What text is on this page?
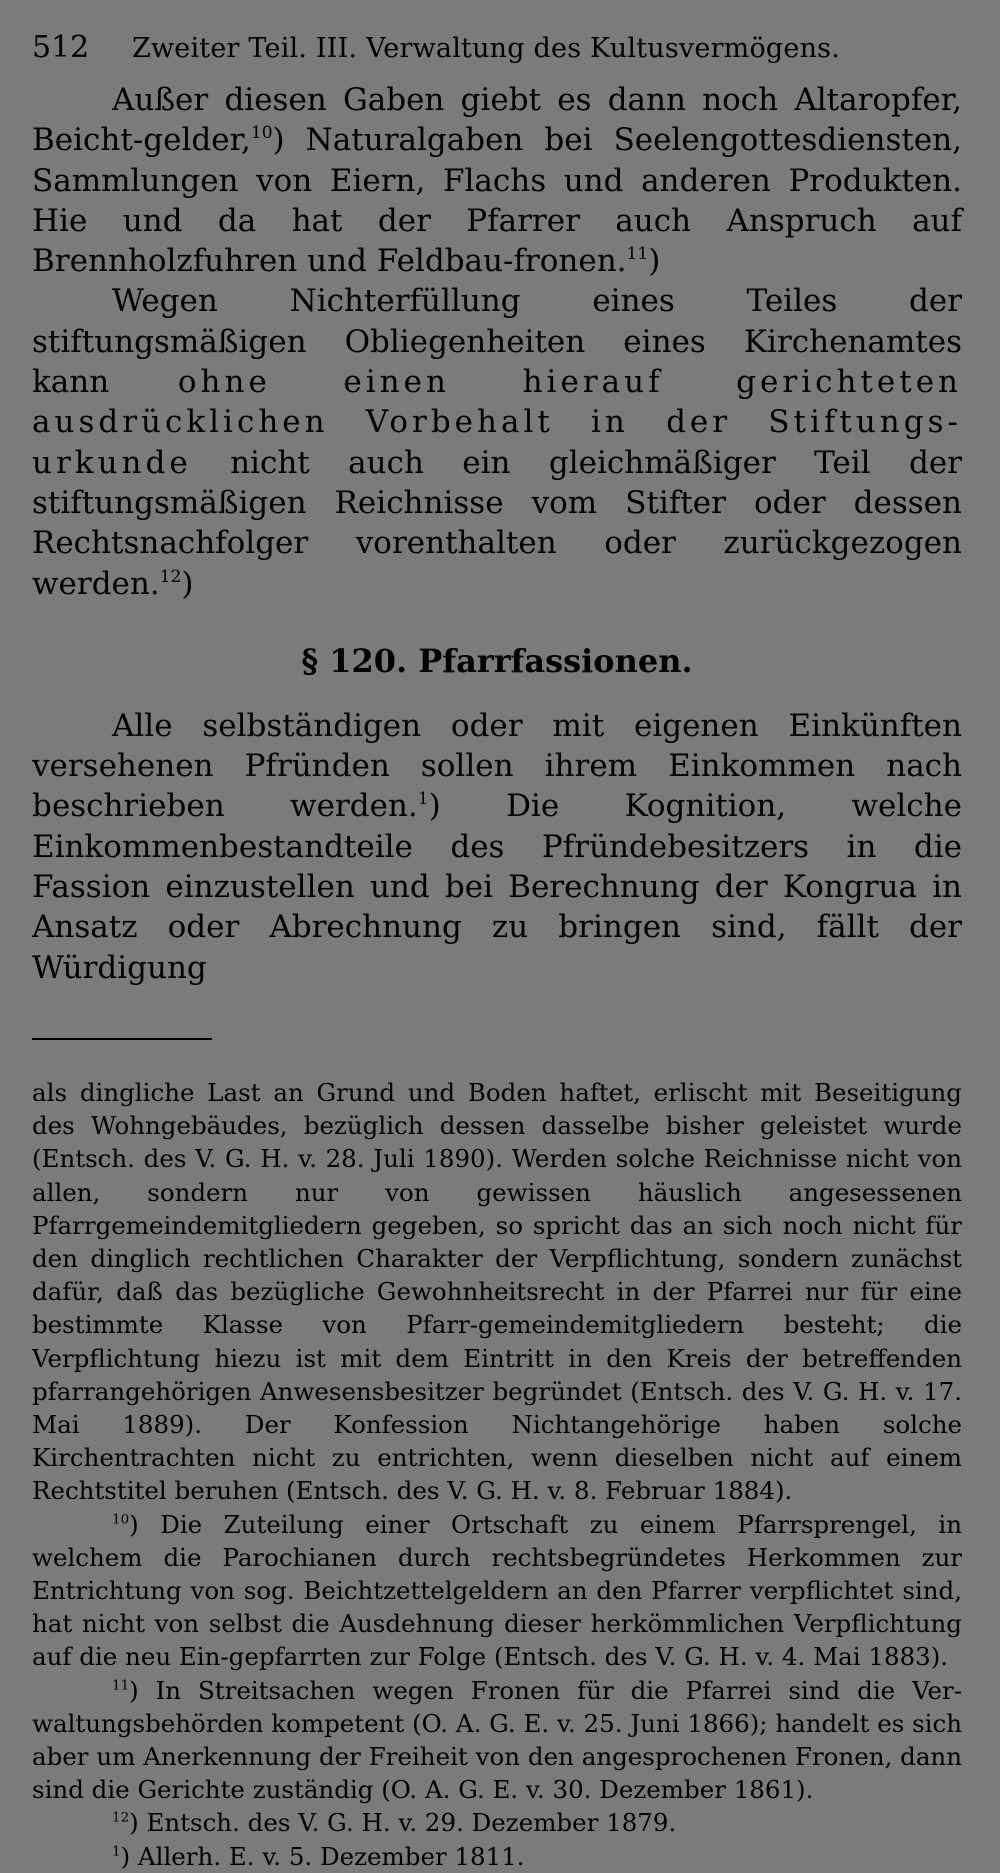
512	Zweiter Teil. III. Verwaltung des Kultusvermögens.

Außer diesen Gaben giebt es dann noch Altaropfer, Beicht-gelder,$^{10}$) Naturalgaben bei Seelengottesdiensten, Sammlungen von Eiern, Flachs und anderen Produkten. Hie und da hat der Pfarrer auch Anspruch auf Brennholzfuhren und Feldbau-fronen.$^{11}$)

Wegen Nichterfüllung eines Teiles der stiftungsmäßigen Obliegenheiten eines Kirchenamtes kann ohne einen hierauf gerichteten ausdrücklichen Vorbehalt in der Stiftungs-urkunde nicht auch ein gleichmäßiger Teil der stiftungsmäßigen Reichnisse vom Stifter oder dessen Rechtsnachfolger vorenthalten oder zurückgezogen werden.$^{12}$)

§ 120. Pfarrfassionen.

Alle selbständigen oder mit eigenen Einkünften versehenen Pfründen sollen ihrem Einkommen nach beschrieben werden.$^1$) Die Kognition, welche Einkommenbestandteile des Pfründebesitzers in die Fassion einzustellen und bei Berechnung der Kongrua in Ansatz oder Abrechnung zu bringen sind, fällt der Würdigung

als dingliche Last an Grund und Boden haftet, erlischt mit Beseitigung des Wohngebäudes, bezüglich dessen dasselbe bisher geleistet wurde (Entsch. des V. G. H. v. 28. Juli 1890). Werden solche Reichnisse nicht von allen, sondern nur von gewissen häuslich angesessenen Pfarrgemeindemitgliedern gegeben, so spricht das an sich noch nicht für den dinglich rechtlichen Charakter der Verpflichtung, sondern zunächst dafür, daß das bezügliche Gewohnheitsrecht in der Pfarrei nur für eine bestimmte Klasse von Pfarr-gemeindemitgliedern besteht; die Verpflichtung hiezu ist mit dem Eintritt in den Kreis der betreffenden pfarrangehörigen Anwesensbesitzer begründet (Entsch. des V. G. H. v. 17. Mai 1889). Der Konfession Nichtangehörige haben solche Kirchentrachten nicht zu entrichten, wenn dieselben nicht auf einem Rechtstitel beruhen (Entsch. des V. G. H. v. 8. Februar 1884).

$^{10}$) Die Zuteilung einer Ortschaft zu einem Pfarrsprengel, in welchem die Parochianen durch rechtsbegründetes Herkommen zur Entrichtung von sog. Beichtzettelgeldern an den Pfarrer verpflichtet sind, hat nicht von selbst die Ausdehnung dieser herkömmlichen Verpflichtung auf die neu Ein-gepfarrten zur Folge (Entsch. des V. G. H. v. 4. Mai 1883).

$^{11}$) In Streitsachen wegen Fronen für die Pfarrei sind die Ver-waltungsbehörden kompetent (O. A. G. E. v. 25. Juni 1866); handelt es sich aber um Anerkennung der Freiheit von den angesprochenen Fronen, dann sind die Gerichte zuständig (O. A. G. E. v. 30. Dezember 1861).

$^{12}$) Entsch. des V. G. H. v. 29. Dezember 1879.

$^1$) Allerh. E. v. 5. Dezember 1811.
